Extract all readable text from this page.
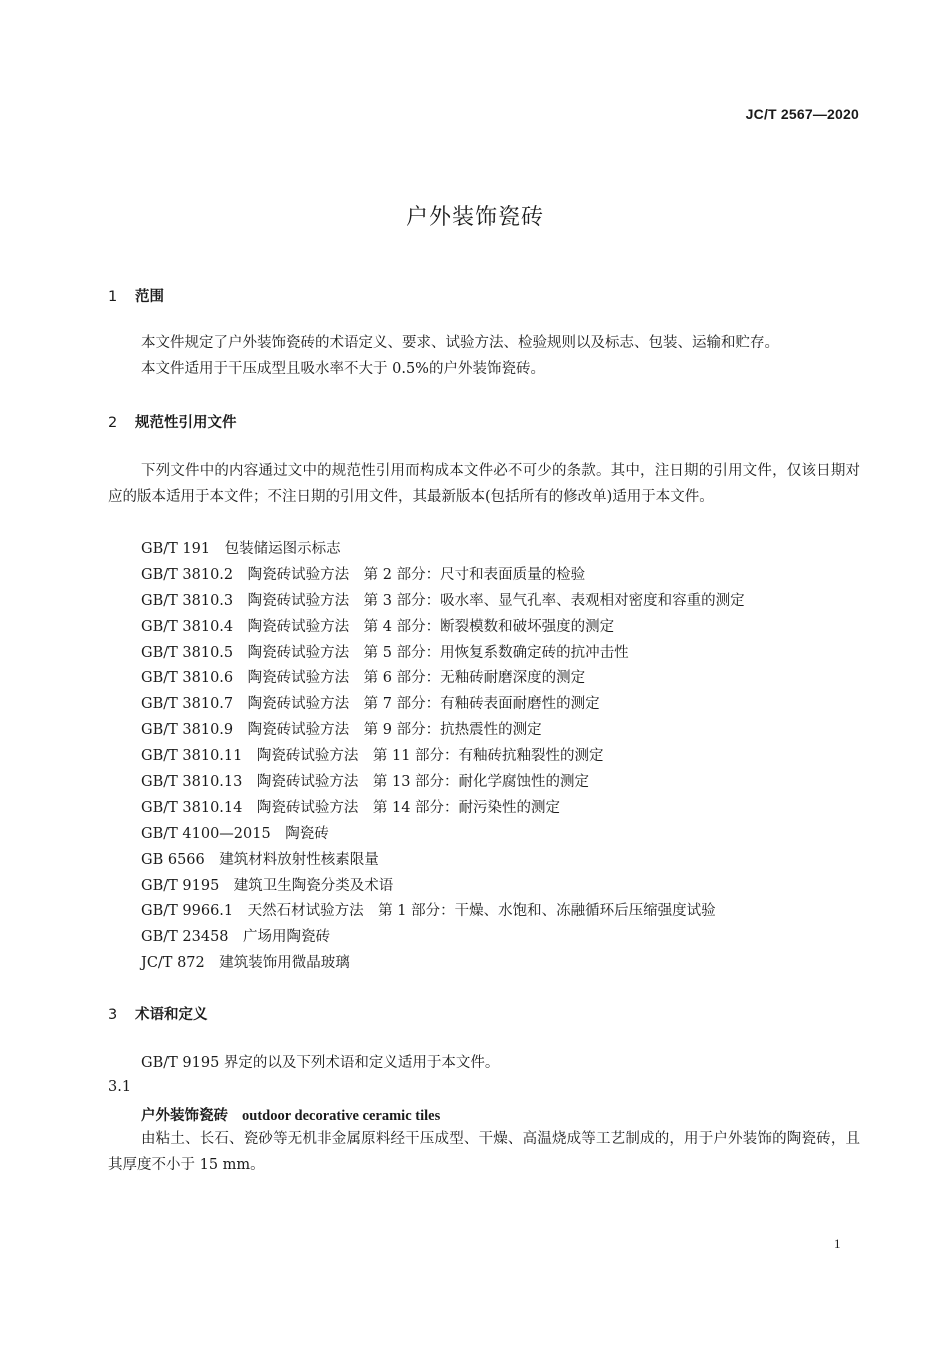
JC/T 2567—2020
户外装饰瓷砖
1 范围

本文件规定了户外装饰瓷砖的术语定义、要求、试验方法、检验规则以及标志、包装、运输和贮存。

本文件适用于干压成型且吸水率不大于 0.5%的户外装饰瓷砖。

2 规范性引用文件

下列文件中的内容通过文中的规范性引用而构成本文件必不可少的条款。其中，注日期的引用文件，仅该日期对应的版本适用于本文件；不注日期的引用文件，其最新版本(包括所有的修改单)适用于本文件。

GB/T 191　包装储运图示标志
GB/T 3810.2　陶瓷砖试验方法　第 2 部分：尺寸和表面质量的检验
GB/T 3810.3　陶瓷砖试验方法　第 3 部分：吸水率、显气孔率、表观相对密度和容重的测定
GB/T 3810.4　陶瓷砖试验方法　第 4 部分：断裂模数和破坏强度的测定
GB/T 3810.5　陶瓷砖试验方法　第 5 部分：用恢复系数确定砖的抗冲击性
GB/T 3810.6　陶瓷砖试验方法　第 6 部分：无釉砖耐磨深度的测定
GB/T 3810.7　陶瓷砖试验方法　第 7 部分：有釉砖表面耐磨性的测定
GB/T 3810.9　陶瓷砖试验方法　第 9 部分：抗热震性的测定
GB/T 3810.11　陶瓷砖试验方法　第 11 部分：有釉砖抗釉裂性的测定
GB/T 3810.13　陶瓷砖试验方法　第 13 部分：耐化学腐蚀性的测定
GB/T 3810.14　陶瓷砖试验方法　第 14 部分：耐污染性的测定
GB/T 4100—2015　陶瓷砖
GB 6566　建筑材料放射性核素限量
GB/T 9195　建筑卫生陶瓷分类及术语
GB/T 9966.1　天然石材试验方法　第 1 部分：干燥、水饱和、冻融循环后压缩强度试验
GB/T 23458　广场用陶瓷砖
JC/T 872　建筑装饰用微晶玻璃
3 术语和定义

GB/T 9195 界定的以及下列术语和定义适用于本文件。

3.1
户外装饰瓷砖 outdoor decorative ceramic tiles

由粘土、长石、瓷砂等无机非金属原料经干压成型、干燥、高温烧成等工艺制成的，用于户外装饰的陶瓷砖，且其厚度不小于 15 mm。

1
